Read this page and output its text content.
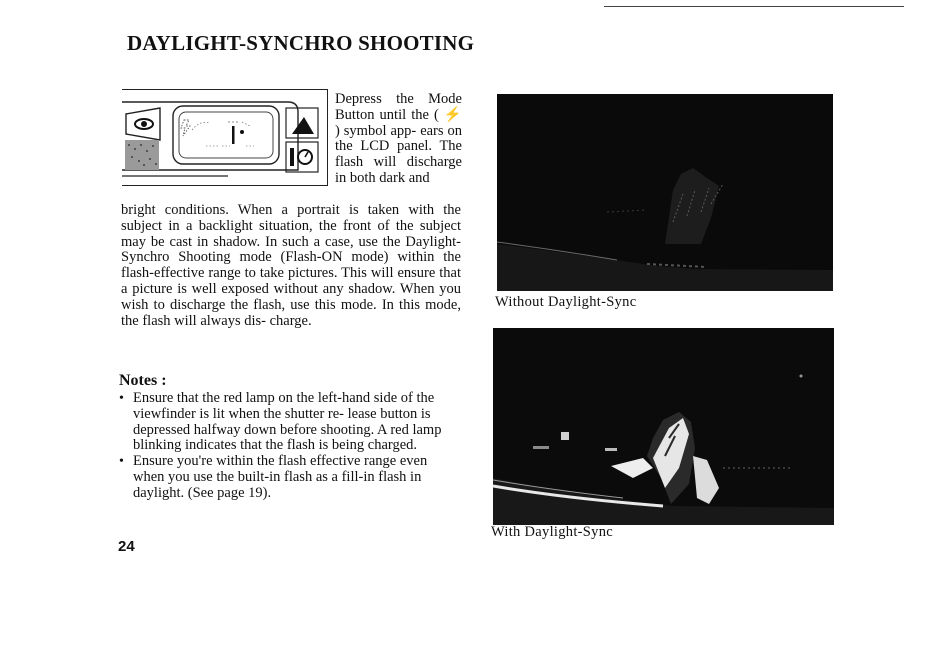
DAYLIGHT-SYNCHRO SHOOTING

Depress the Mode Button until the ( ⚡ ) symbol app- ears on the LCD panel. The flash will discharge in both dark and

bright conditions. When a portrait is taken with the subject in a backlight situation, the front of the subject may be cast in shadow. In such a case, use the Daylight-Synchro Shooting mode (Flash-ON mode) within the flash-effective range to take pictures. This will ensure that a picture is well exposed without any shadow. When you wish to discharge the flash, use this mode. In this mode, the flash will always dis- charge.

Notes :
• Ensure that the red lamp on the left-hand side of the viewfinder is lit when the shutter re- lease button is depressed halfway down before shooting. A red lamp blinking indicates that the flash is being charged.
• Ensure you're within the flash effective range even when you use the built-in flash as a fill-in flash in daylight. (See page 19).

24

Without Daylight-Sync

With Daylight-Sync
